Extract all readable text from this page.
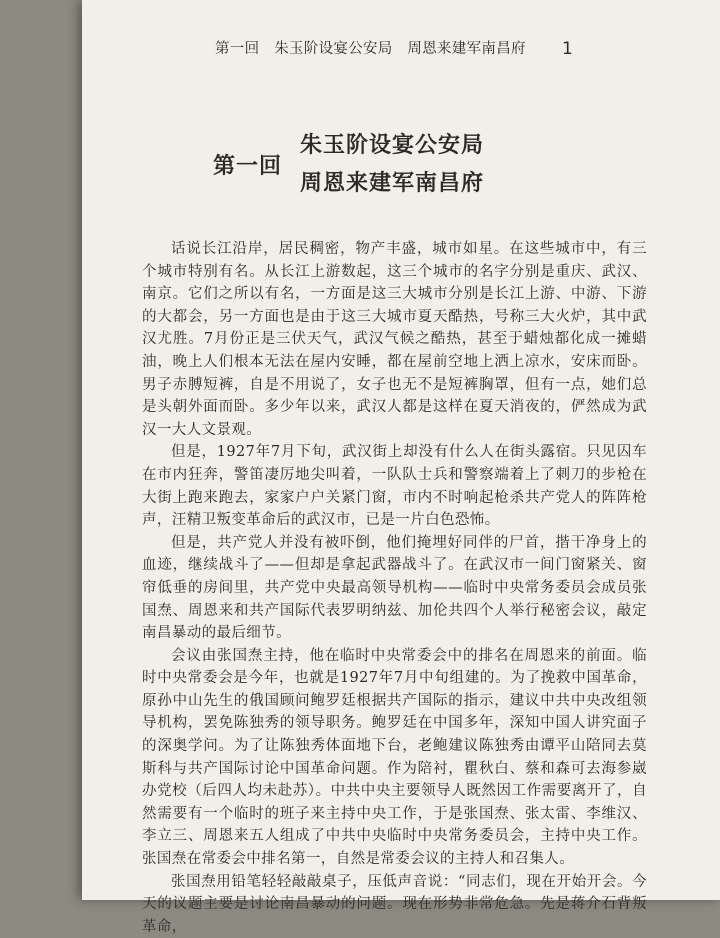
第一回　朱玉阶设宴公安局　周恩来建军南昌府 1
第一回
朱玉阶设宴公安局
周恩来建军南昌府

话说长江沿岸，居民稠密，物产丰盛，城市如星。在这些城市中，有三个城市特别有名。从长江上游数起，这三个城市的名字分别是重庆、武汉、南京。它们之所以有名，一方面是这三大城市分别是长江上游、中游、下游的大都会，另一方面也是由于这三大城市夏天酷热，号称三大火炉，其中武汉尤胜。7月份正是三伏天气，武汉气候之酷热，甚至于蜡烛都化成一摊蜡油，晚上人们根本无法在屋内安睡，都在屋前空地上洒上凉水，安床而卧。男子赤膊短裤，自是不用说了，女子也无不是短裤胸罩，但有一点，她们总是头朝外面而卧。多少年以来，武汉人都是这样在夏天消夜的，俨然成为武汉一大人文景观。

但是，1927年7月下旬，武汉街上却没有什么人在街头露宿。只见囚车在市内狂奔，警笛凄厉地尖叫着，一队队士兵和警察端着上了刺刀的步枪在大街上跑来跑去，家家户户关紧门窗，市内不时响起枪杀共产党人的阵阵枪声，汪精卫叛变革命后的武汉市，已是一片白色恐怖。

但是，共产党人并没有被吓倒，他们掩埋好同伴的尸首，揩干净身上的血迹，继续战斗了——但却是拿起武器战斗了。在武汉市一间门窗紧关、窗帘低垂的房间里，共产党中央最高领导机构——临时中央常务委员会成员张国焘、周恩来和共产国际代表罗明纳兹、加伦共四个人举行秘密会议，敲定南昌暴动的最后细节。

会议由张国焘主持，他在临时中央常委会中的排名在周恩来的前面。临时中央常委会是今年，也就是1927年7月中旬组建的。为了挽救中国革命，原孙中山先生的俄国顾问鲍罗廷根据共产国际的指示，建议中共中央改组领导机构，罢免陈独秀的领导职务。鲍罗廷在中国多年，深知中国人讲究面子的深奥学问。为了让陈独秀体面地下台，老鲍建议陈独秀由谭平山陪同去莫斯科与共产国际讨论中国革命问题。作为陪衬，瞿秋白、蔡和森可去海参崴办党校（后四人均未赴苏）。中共中央主要领导人既然因工作需要离开了，自然需要有一个临时的班子来主持中央工作，于是张国焘、张太雷、李维汉、李立三、周恩来五人组成了中共中央临时中央常务委员会，主持中央工作。张国焘在常委会中排名第一，自然是常委会议的主持人和召集人。

张国焘用铅笔轻轻敲敲桌子，压低声音说：“同志们，现在开始开会。今天的议题主要是讨论南昌暴动的问题。现在形势非常危急。先是蒋介石背叛革命，
